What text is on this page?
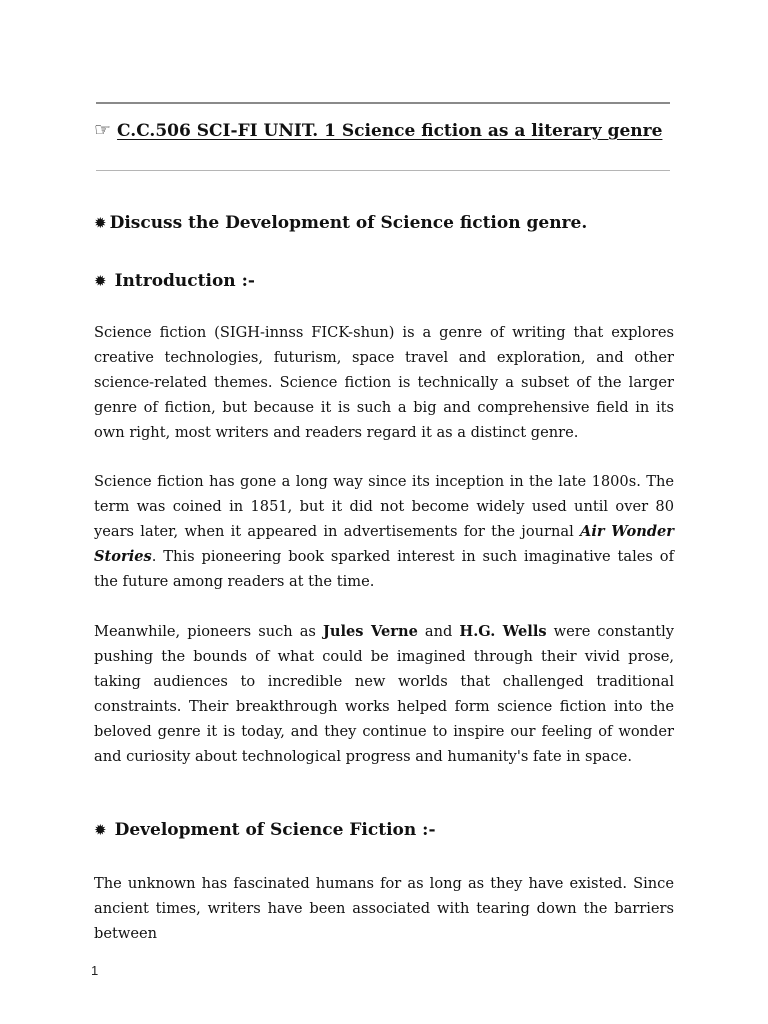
☞ C.C.506 SCI-FI UNIT. 1 Science fiction as a literary genre
✹ Discuss the Development of Science fiction genre.
✹ Introduction :-

Science fiction (SIGH-innss FICK-shun) is a genre of writing that explores creative technologies, futurism, space travel and exploration, and other science-related themes. Science fiction is technically a subset of the larger genre of fiction, but because it is such a big and comprehensive field in its own right, most writers and readers regard it as a distinct genre.

Science fiction has gone a long way since its inception in the late 1800s. The term was coined in 1851, but it did not become widely used until over 80 years later, when it appeared in advertisements for the journal Air Wonder Stories. This pioneering book sparked interest in such imaginative tales of the future among readers at the time.

Meanwhile, pioneers such as Jules Verne and H.G. Wells were constantly pushing the bounds of what could be imagined through their vivid prose, taking audiences to incredible new worlds that challenged traditional constraints. Their breakthrough works helped form science fiction into the beloved genre it is today, and they continue to inspire our feeling of wonder and curiosity about technological progress and humanity's fate in space.

✹ Development of Science Fiction :-

The unknown has fascinated humans for as long as they have existed. Since ancient times, writers have been associated with tearing down the barriers between

1
